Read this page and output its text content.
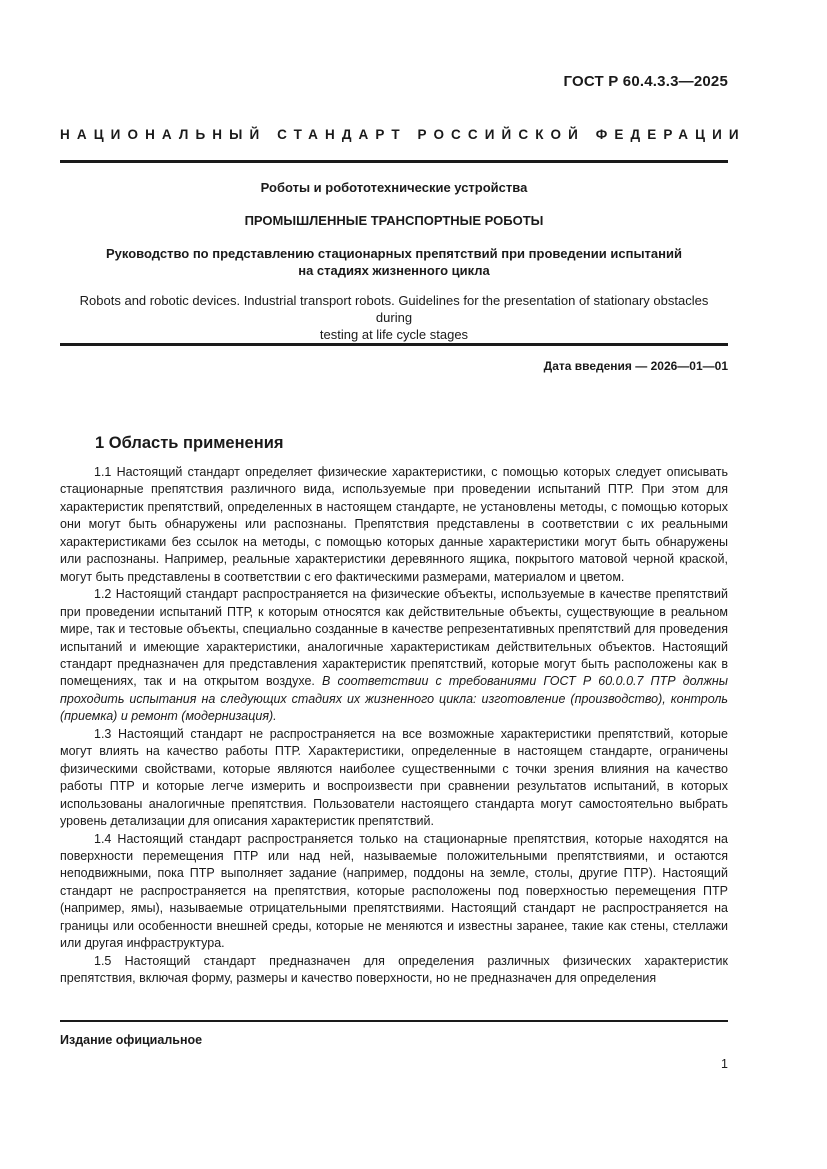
ГОСТ Р 60.4.3.3—2025
НАЦИОНАЛЬНЫЙ СТАНДАРТ РОССИЙСКОЙ ФЕДЕРАЦИИ
Роботы и робототехнические устройства
ПРОМЫШЛЕННЫЕ ТРАНСПОРТНЫЕ РОБОТЫ
Руководство по представлению стационарных препятствий при проведении испытаний
на стадиях жизненного цикла
Robots and robotic devices. Industrial transport robots. Guidelines for the presentation of stationary obstacles during
testing at life cycle stages
Дата введения — 2026—01—01
1 Область применения

1.1 Настоящий стандарт определяет физические характеристики, с помощью которых следует описывать стационарные препятствия различного вида, используемые при проведении испытаний ПТР. При этом для характеристик препятствий, определенных в настоящем стандарте, не установлены методы, с помощью которых они могут быть обнаружены или распознаны. Препятствия представлены в соответствии с их реальными характеристиками без ссылок на методы, с помощью которых данные характеристики могут быть обнаружены или распознаны. Например, реальные характеристики деревянного ящика, покрытого матовой черной краской, могут быть представлены в соответствии с его фактическими размерами, материалом и цветом.

1.2 Настоящий стандарт распространяется на физические объекты, используемые в качестве препятствий при проведении испытаний ПТР, к которым относятся как действительные объекты, существующие в реальном мире, так и тестовые объекты, специально созданные в качестве репрезентативных препятствий для проведения испытаний и имеющие характеристики, аналогичные характеристикам действительных объектов. Настоящий стандарт предназначен для представления характеристик препятствий, которые могут быть расположены как в помещениях, так и на открытом воздухе. В соответствии с требованиями ГОСТ Р 60.0.0.7 ПТР должны проходить испытания на следующих стадиях их жизненного цикла: изготовление (производство), контроль (приемка) и ремонт (модернизация).

1.3 Настоящий стандарт не распространяется на все возможные характеристики препятствий, которые могут влиять на качество работы ПТР. Характеристики, определенные в настоящем стандарте, ограничены физическими свойствами, которые являются наиболее существенными с точки зрения влияния на качество работы ПТР и которые легче измерить и воспроизвести при сравнении результатов испытаний, в которых использованы аналогичные препятствия. Пользователи настоящего стандарта могут самостоятельно выбрать уровень детализации для описания характеристик препятствий.

1.4 Настоящий стандарт распространяется только на стационарные препятствия, которые находятся на поверхности перемещения ПТР или над ней, называемые положительными препятствиями, и остаются неподвижными, пока ПТР выполняет задание (например, поддоны на земле, столы, другие ПТР). Настоящий стандарт не распространяется на препятствия, которые расположены под поверхностью перемещения ПТР (например, ямы), называемые отрицательными препятствиями. Настоящий стандарт не распространяется на границы или особенности внешней среды, которые не меняются и известны заранее, такие как стены, стеллажи или другая инфраструктура.

1.5 Настоящий стандарт предназначен для определения различных физических характеристик препятствия, включая форму, размеры и качество поверхности, но не предназначен для определения

Издание официальное
1
